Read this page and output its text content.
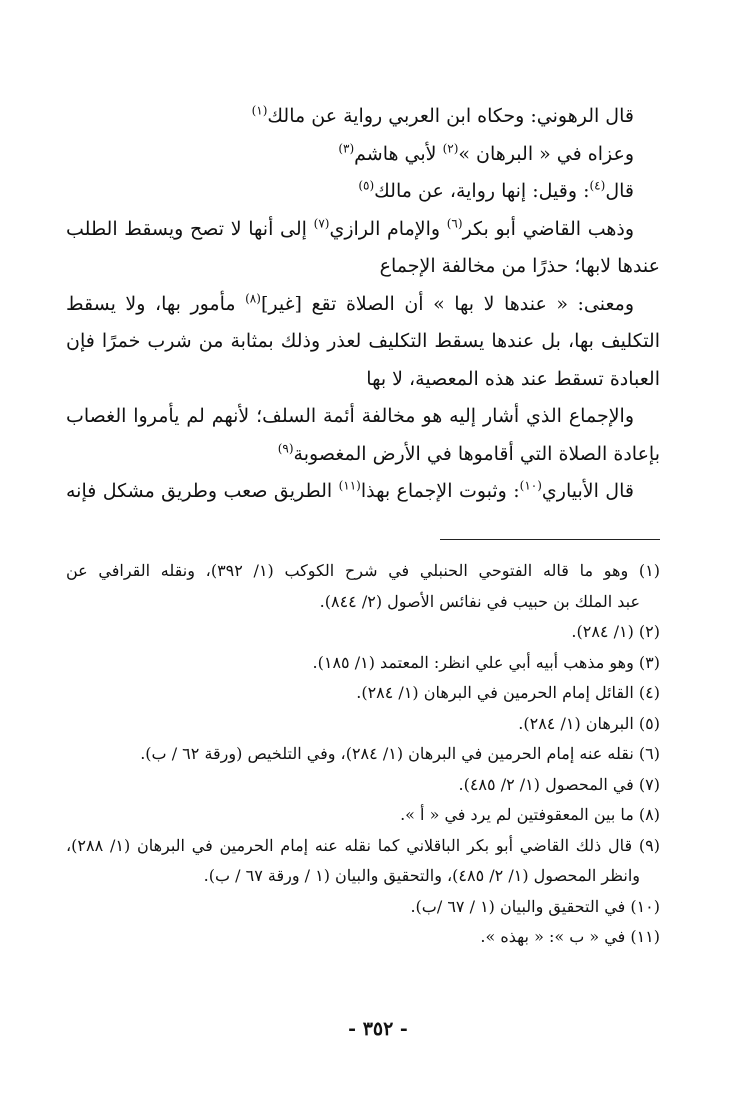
قال الرهوني: وحكاه ابن العربي رواية عن مالك$^{(١)}$
وعزاه في « البرهان »$^{(٢)}$ لأبي هاشم$^{(٣)}$
قال$^{(٤)}$: وقيل: إنها رواية، عن مالك$^{(٥)}$
وذهب القاضي أبو بكر$^{(٦)}$ والإمام الرازي$^{(٧)}$ إلى أنها لا تصح ويسقط الطلب
عندها لابها؛ حذرًا من مخالفة الإجماع
ومعنى: « عندها لا بها » أن الصلاة تقع [غير]$^{(٨)}$ مأمور بها، ولا يسقط
التكليف بها، بل عندها يسقط التكليف لعذر وذلك بمثابة من شرب خمرًا فإن
العبادة تسقط عند هذه المعصية، لا بها
والإجماع الذي أشار إليه هو مخالفة أئمة السلف؛ لأنهم لم يأمروا الغصاب
بإعادة الصلاة التي أقاموها في الأرض المغصوبة$^{(٩)}$
قال الأبياري$^{(١٠)}$: وثبوت الإجماع بهذا$^{(١١)}$ الطريق صعب وطريق مشكل فإنه
(١) وهو ما قاله الفتوحي الحنبلي في شرح الكوكب (١/ ٣٩٢)، ونقله القرافي عن
عبد الملك بن حبيب في نفائس الأصول (٢/ ٨٤٤).
(٢) (١/ ٢٨٤).
(٣) وهو مذهب أبيه أبي علي انظر: المعتمد (١/ ١٨٥).
(٤) القائل إمام الحرمين في البرهان (١/ ٢٨٤).
(٥) البرهان (١/ ٢٨٤).
(٦) نقله عنه إمام الحرمين في البرهان (١/ ٢٨٤)، وفي التلخيص (ورقة ٦٢ / ب).
(٧) في المحصول (١/ ٢/ ٤٨٥).
(٨) ما بين المعقوفتين لم يرد في « أ ».
(٩) قال ذلك القاضي أبو بكر الباقلاني كما نقله عنه إمام الحرمين في البرهان (١/ ٢٨٨)،
وانظر المحصول (١/ ٢/ ٤٨٥)، والتحقيق والبيان (١ / ورقة ٦٧ / ب).
(١٠) في التحقيق والبيان (١ / ٦٧ /ب).
(١١) في « ب »: « بهذه ».
- ٣٥٢ -
